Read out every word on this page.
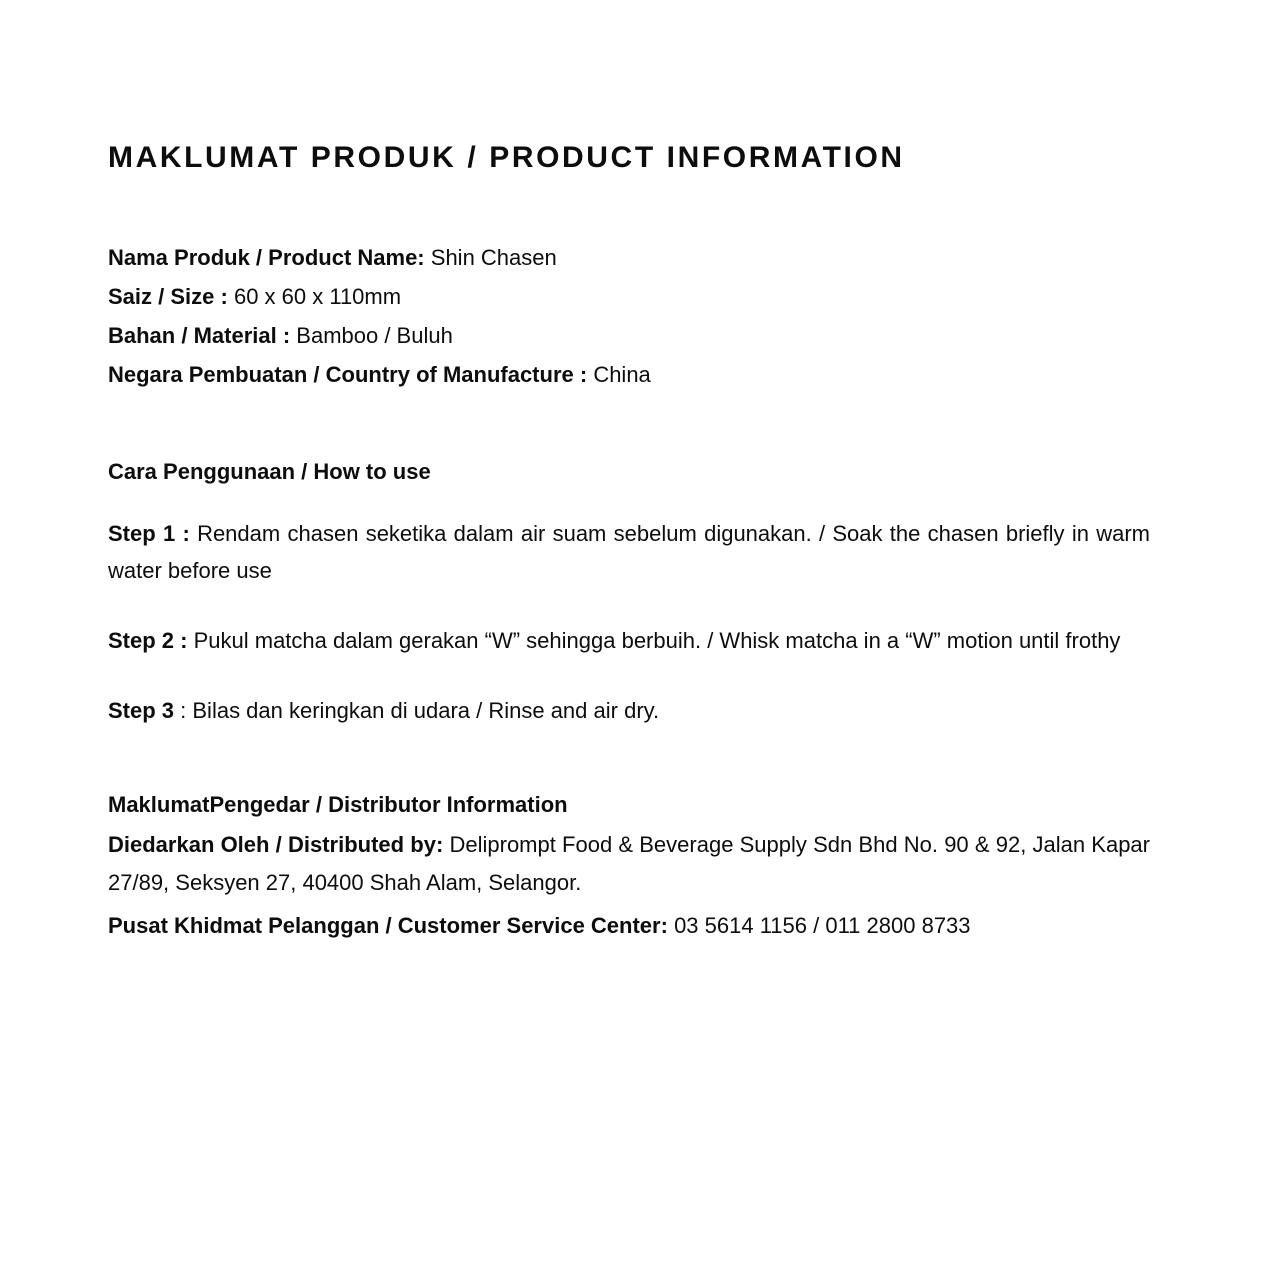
MAKLUMAT PRODUK / PRODUCT INFORMATION
Nama Produk / Product Name: Shin Chasen
Saiz / Size : 60 x 60 x 110mm
Bahan / Material : Bamboo / Buluh
Negara Pembuatan / Country of Manufacture : China
Cara Penggunaan / How to use

Step 1 : Rendam chasen seketika dalam air suam sebelum digunakan. / Soak the chasen briefly in warm water before use

Step 2 : Pukul matcha dalam gerakan “W” sehingga berbuih. / Whisk matcha in a “W” motion until frothy

Step 3 : Bilas dan keringkan di udara / Rinse and air dry.

MaklumatPengedar / Distributor Information

Diedarkan Oleh / Distributed by: Deliprompt Food & Beverage Supply Sdn Bhd No. 90 & 92, Jalan Kapar 27/89, Seksyen 27, 40400 Shah Alam, Selangor.

Pusat Khidmat Pelanggan / Customer Service Center: 03 5614 1156 / 011 2800 8733
